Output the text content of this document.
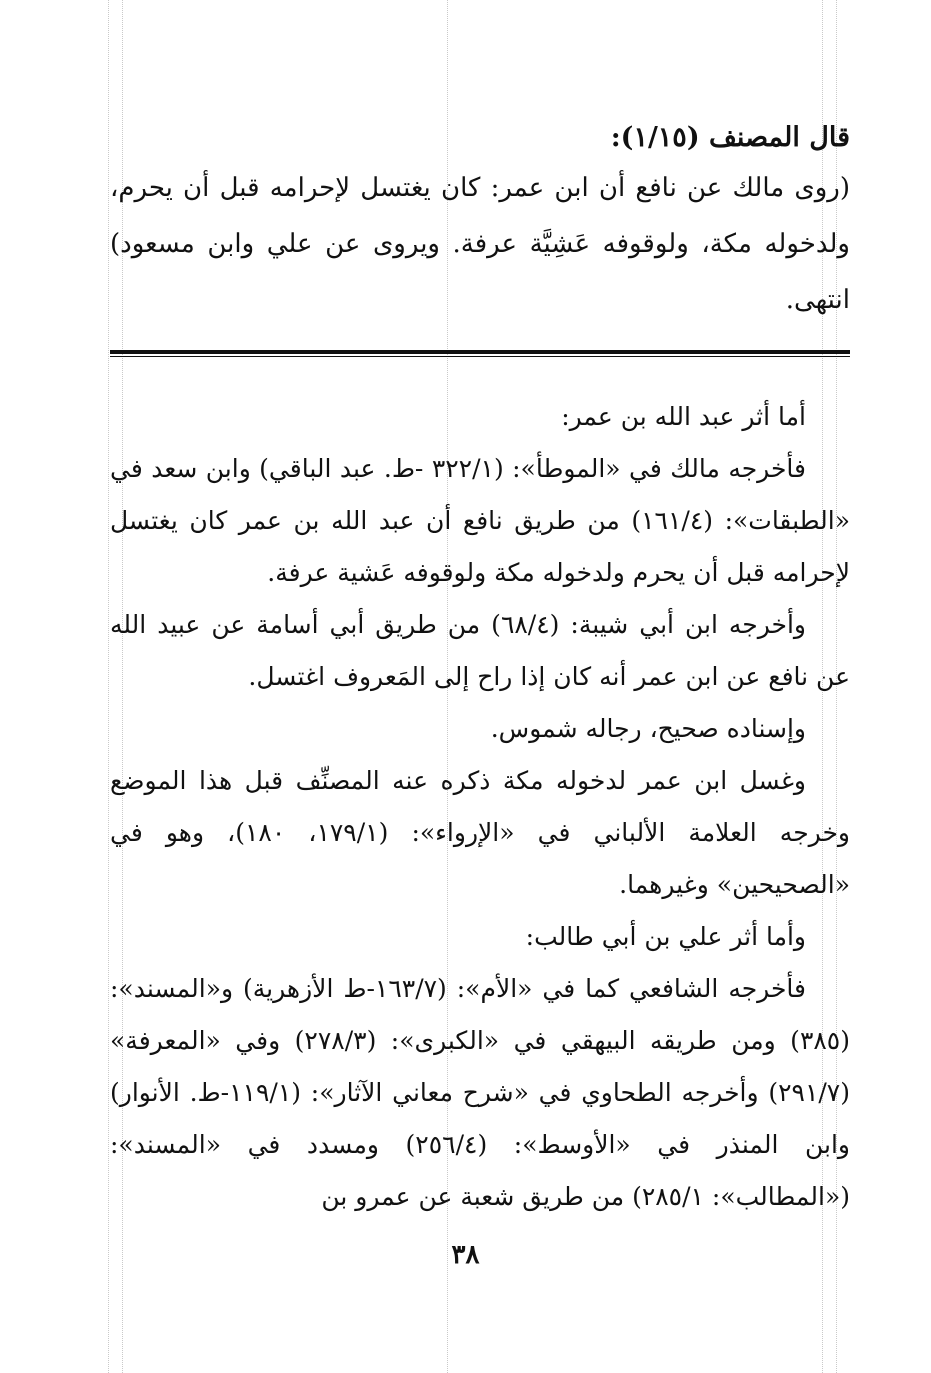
قال المصنف (١/١٥):

(روى مالك عن نافع أن ابن عمر: كان يغتسل لإحرامه قبل أن يحرم، ولدخوله مكة، ولوقوفه عَشِيَّة عرفة. ويروى عن علي وابن مسعود) انتهى.

أما أثر عبد الله بن عمر:

فأخرجه مالك في «الموطأ»: (٣٢٢/١ -ط. عبد الباقي) وابن سعد في «الطبقات»: (١٦١/٤) من طريق نافع أن عبد الله بن عمر كان يغتسل لإحرامه قبل أن يحرم ولدخوله مكة ولوقوفه عَشية عرفة.

وأخرجه ابن أبي شيبة: (٦٨/٤) من طريق أبي أسامة عن عبيد الله عن نافع عن ابن عمر أنه كان إذا راح إلى المَعروف اغتسل.

وإسناده صحيح، رجاله شموس.

وغسل ابن عمر لدخوله مكة ذكره عنه المصنِّف قبل هذا الموضع وخرجه العلامة الألباني في «الإرواء»: (١٧٩/١، ١٨٠)، وهو في «الصحيحين» وغيرهما.

وأما أثر علي بن أبي طالب:

فأخرجه الشافعي كما في «الأم»: (١٦٣/٧-ط الأزهرية) و«المسند»: (٣٨٥) ومن طريقه البيهقي في «الكبرى»: (٢٧٨/٣) وفي «المعرفة» (٢٩١/٧) وأخرجه الطحاوي في «شرح معاني الآثار»: (١١٩/١-ط. الأنوار) وابن المنذر في «الأوسط»: (٢٥٦/٤) ومسدد في «المسند»: («المطالب»: ٢٨٥/١) من طريق شعبة عن عمرو بن

٣٨
